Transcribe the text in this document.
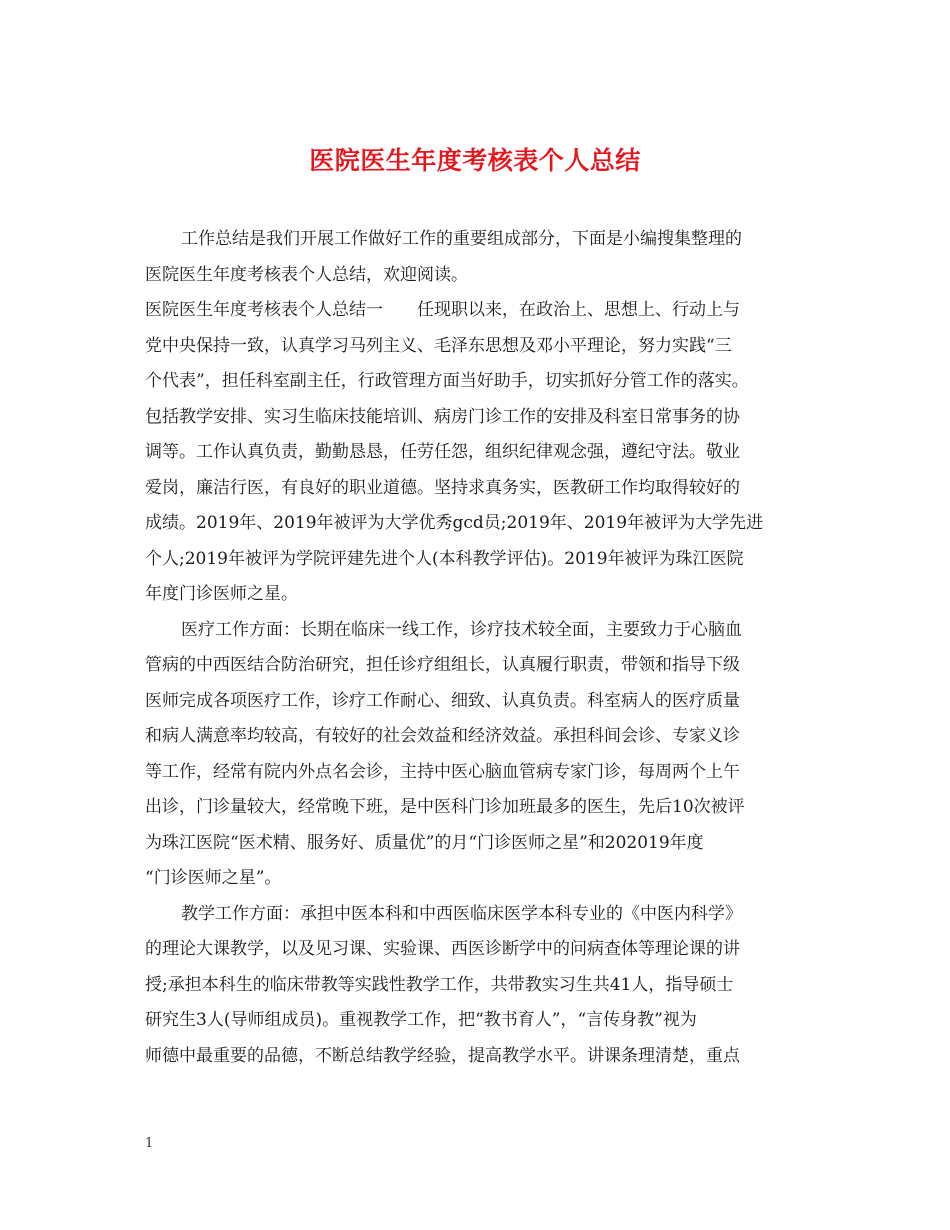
医院医生年度考核表个人总结
工作总结是我们开展工作做好工作的重要组成部分，下面是小编搜集整理的
医院医生年度考核表个人总结，欢迎阅读。
医院医生年度考核表个人总结一　　任现职以来，在政治上、思想上、行动上与
党中央保持一致，认真学习马列主义、毛泽东思想及邓小平理论，努力实践“三
个代表”，担任科室副主任，行政管理方面当好助手，切实抓好分管工作的落实。
包括教学安排、实习生临床技能培训、病房门诊工作的安排及科室日常事务的协
调等。工作认真负责，勤勤恳恳，任劳任怨，组织纪律观念强，遵纪守法。敬业
爱岗，廉洁行医，有良好的职业道德。坚持求真务实，医教研工作均取得较好的
成绩。2019年、2019年被评为大学优秀gcd员;2019年、2019年被评为大学先进
个人;2019年被评为学院评建先进个人(本科教学评估)。2019年被评为珠江医院
年度门诊医师之星。
医疗工作方面：长期在临床一线工作，诊疗技术较全面，主要致力于心脑血
管病的中西医结合防治研究，担任诊疗组组长，认真履行职责，带领和指导下级
医师完成各项医疗工作，诊疗工作耐心、细致、认真负责。科室病人的医疗质量
和病人满意率均较高，有较好的社会效益和经济效益。承担科间会诊、专家义诊
等工作，经常有院内外点名会诊，主持中医心脑血管病专家门诊，每周两个上午
出诊，门诊量较大，经常晚下班，是中医科门诊加班最多的医生，先后10次被评
为珠江医院“医术精、服务好、质量优”的月“门诊医师之星”和202019年度
“门诊医师之星”。
教学工作方面：承担中医本科和中西医临床医学本科专业的《中医内科学》
的理论大课教学，以及见习课、实验课、西医诊断学中的问病查体等理论课的讲
授;承担本科生的临床带教等实践性教学工作，共带教实习生共41人，指导硕士
研究生3人(导师组成员)。重视教学工作，把“教书育人”，“言传身教”视为
师德中最重要的品德，不断总结教学经验，提高教学水平。讲课条理清楚，重点
1
